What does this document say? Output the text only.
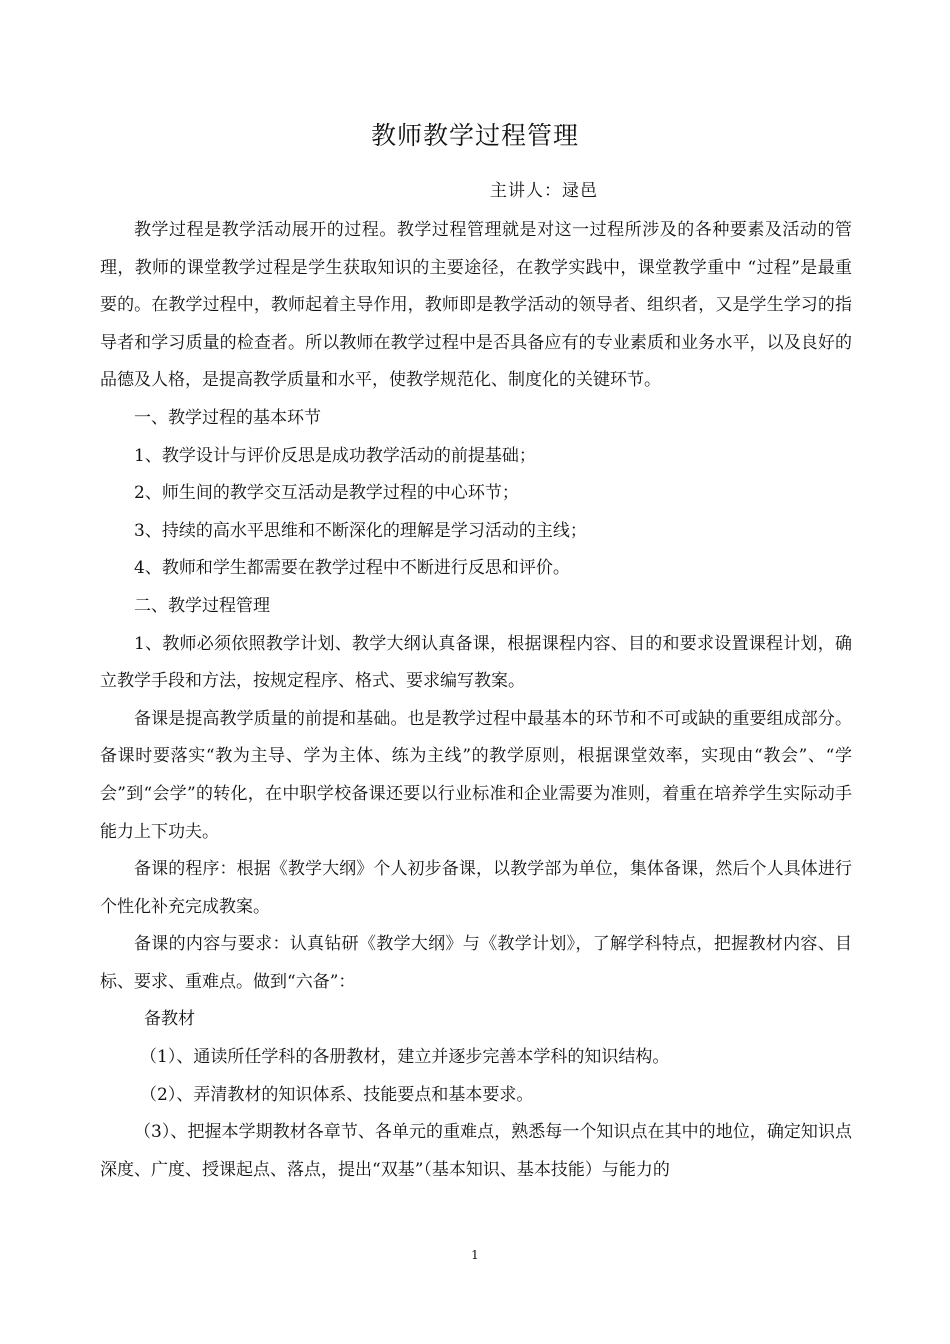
教师教学过程管理
主讲人：逯邑

教学过程是教学活动展开的过程。教学过程管理就是对这一过程所涉及的各种要素及活动的管理，教师的课堂教学过程是学生获取知识的主要途径，在教学实践中，课堂教学重中 “过程”是最重要的。在教学过程中，教师起着主导作用，教师即是教学活动的领导者、组织者，又是学生学习的指导者和学习质量的检查者。所以教师在教学过程中是否具备应有的专业素质和业务水平，以及良好的品德及人格，是提高教学质量和水平，使教学规范化、制度化的关键环节。

一、教学过程的基本环节

1、教学设计与评价反思是成功教学活动的前提基础；

2、师生间的教学交互活动是教学过程的中心环节；

3、持续的高水平思维和不断深化的理解是学习活动的主线；

4、教师和学生都需要在教学过程中不断进行反思和评价。

二、教学过程管理

1、教师必须依照教学计划、教学大纲认真备课，根据课程内容、目的和要求设置课程计划，确立教学手段和方法，按规定程序、格式、要求编写教案。

备课是提高教学质量的前提和基础。也是教学过程中最基本的环节和不可或缺的重要组成部分。备课时要落实“教为主导、学为主体、练为主线”的教学原则，根据课堂效率，实现由“教会”、“学会”到“会学”的转化，在中职学校备课还要以行业标准和企业需要为准则，着重在培养学生实际动手能力上下功夫。

备课的程序：根据《教学大纲》个人初步备课，以教学部为单位，集体备课，然后个人具体进行个性化补充完成教案。

备课的内容与要求：认真钻研《教学大纲》与《教学计划》，了解学科特点，把握教材内容、目标、要求、重难点。做到“六备”：

备教材

（1）、通读所任学科的各册教材，建立并逐步完善本学科的知识结构。

（2）、弄清教材的知识体系、技能要点和基本要求。

（3）、把握本学期教材各章节、各单元的重难点，熟悉每一个知识点在其中的地位，确定知识点深度、广度、授课起点、落点，提出“双基”（基本知识、基本技能）与能力的

1
